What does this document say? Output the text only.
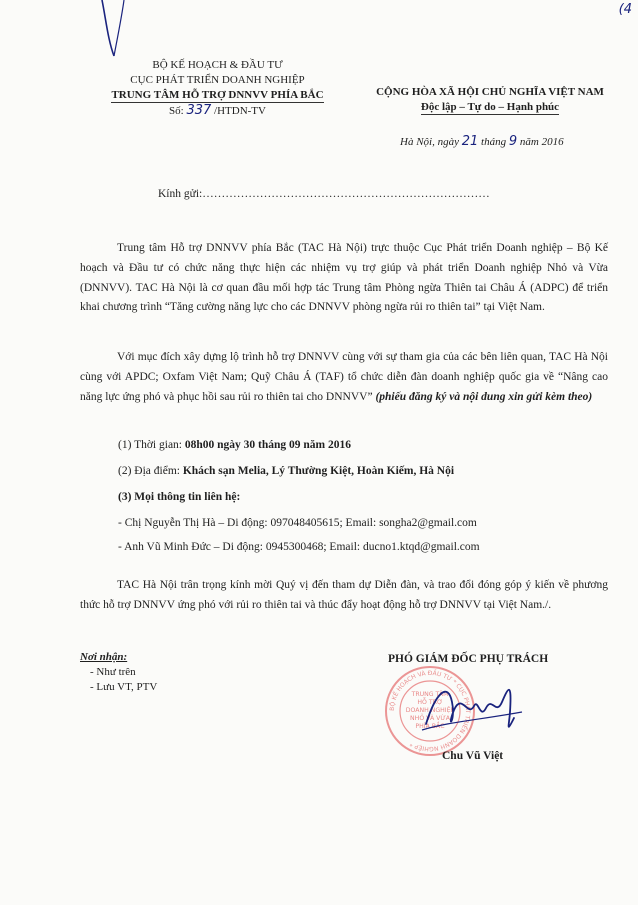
(4
BỘ KẾ HOẠCH & ĐẦU TƯ
CỤC PHÁT TRIỂN DOANH NGHIỆP
TRUNG TÂM HỖ TRỢ DNNVV PHÍA BẮC
Số: 337 /HTDN-TV
CỘNG HÒA XÃ HỘI CHỦ NGHĨA VIỆT NAM
Độc lập – Tự do – Hạnh phúc
Hà Nội, ngày 21 tháng 9 năm 2016
Kính gửi:…………………………………………………………………

Trung tâm Hỗ trợ DNNVV phía Bắc (TAC Hà Nội) trực thuộc Cục Phát triển Doanh nghiệp – Bộ Kế hoạch và Đầu tư có chức năng thực hiện các nhiệm vụ trợ giúp và phát triển Doanh nghiệp Nhỏ và Vừa (DNNVV). TAC Hà Nội là cơ quan đầu mối hợp tác Trung tâm Phòng ngừa Thiên tai Châu Á (ADPC) để triển khai chương trình “Tăng cường năng lực cho các DNNVV phòng ngừa rủi ro thiên tai” tại Việt Nam.

Với mục đích xây dựng lộ trình hỗ trợ DNNVV cùng với sự tham gia của các bên liên quan, TAC Hà Nội cùng với APDC; Oxfam Việt Nam; Quỹ Châu Á (TAF) tổ chức diễn đàn doanh nghiệp quốc gia về “Nâng cao năng lực ứng phó và phục hồi sau rủi ro thiên tai cho DNNVV” (phiếu đăng ký và nội dung xin gửi kèm theo)

(1) Thời gian: 08h00 ngày 30 tháng 09 năm 2016
(2) Địa điểm: Khách sạn Melia, Lý Thường Kiệt, Hoàn Kiếm, Hà Nội
(3) Mọi thông tin liên hệ:
- Chị Nguyễn Thị Hà – Di động: 097048405615; Email: songha2@gmail.com
- Anh Vũ Minh Đức – Di động: 0945300468; Email: ducno1.ktqd@gmail.com

TAC Hà Nội trân trọng kính mời Quý vị đến tham dự Diễn đàn, và trao đổi đóng góp ý kiến về phương thức hỗ trợ DNNVV ứng phó với rủi ro thiên tai và thúc đẩy hoạt động hỗ trợ DNNVV tại Việt Nam./.

Nơi nhận:
- Như trên
- Lưu VT, PTV
PHÓ GIÁM ĐỐC PHỤ TRÁCH
BỘ KẾ HOẠCH VÀ ĐẦU TƯ * CỤC PHÁT TRIỂN DOANH NGHIỆP *
TRUNG TÂM
HỖ TRỢ
DOANH NGHIỆP
NHỎ VÀ VỪA
PHÍA BẮC
Chu Vũ Việt
